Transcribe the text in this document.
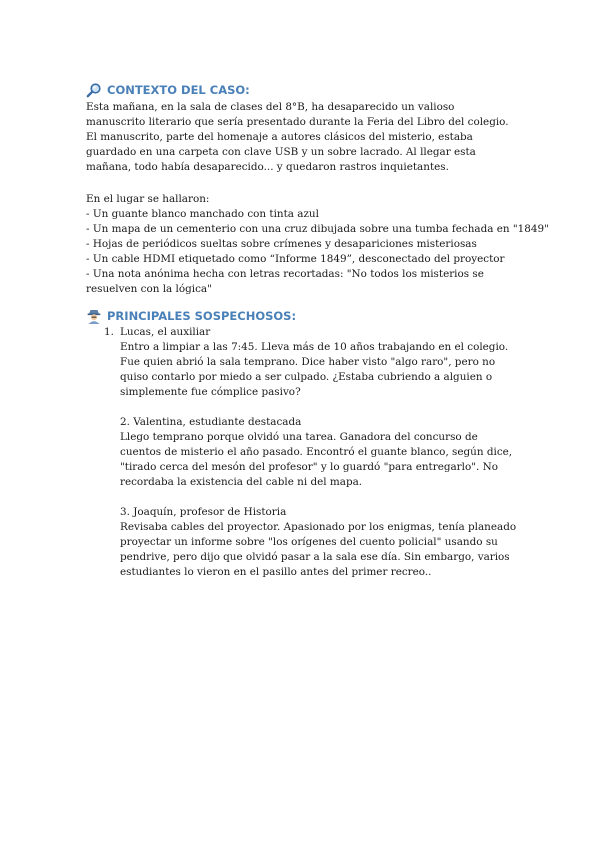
CONTEXTO DEL CASO:

Esta mañana, en la sala de clases del 8°B, ha desaparecido un valioso manuscrito literario que sería presentado durante la Feria del Libro del colegio. El manuscrito, parte del homenaje a autores clásicos del misterio, estaba guardado en una carpeta con clave USB y un sobre lacrado. Al llegar esta mañana, todo había desaparecido... y quedaron rastros inquietantes.

En el lugar se hallaron:

- Un guante blanco manchado con tinta azul

- Un mapa de un cementerio con una cruz dibujada sobre una tumba fechada en "1849"

- Hojas de periódicos sueltas sobre crímenes y desapariciones misteriosas

- Un cable HDMI etiquetado como “Informe 1849”, desconectado del proyector

- Una nota anónima hecha con letras recortadas: "No todos los misterios se resuelven con la lógica"

PRINCIPALES SOSPECHOSOS:
1. Lucas, el auxiliar

Entro a limpiar a las 7:45. Lleva más de 10 años trabajando en el colegio. Fue quien abrió la sala temprano. Dice haber visto "algo raro", pero no quiso contarlo por miedo a ser culpado. ¿Estaba cubriendo a alguien o simplemente fue cómplice pasivo?

2. Valentina, estudiante destacada

Llego temprano porque olvidó una tarea. Ganadora del concurso de cuentos de misterio el año pasado. Encontró el guante blanco, según dice, "tirado cerca del mesón del profesor" y lo guardó "para entregarlo". No recordaba la existencia del cable ni del mapa.

3. Joaquín, profesor de Historia

Revisaba cables del proyector. Apasionado por los enigmas, tenía planeado proyectar un informe sobre "los orígenes del cuento policial" usando su pendrive, pero dijo que olvidó pasar a la sala ese día. Sin embargo, varios estudiantes lo vieron en el pasillo antes del primer recreo..
